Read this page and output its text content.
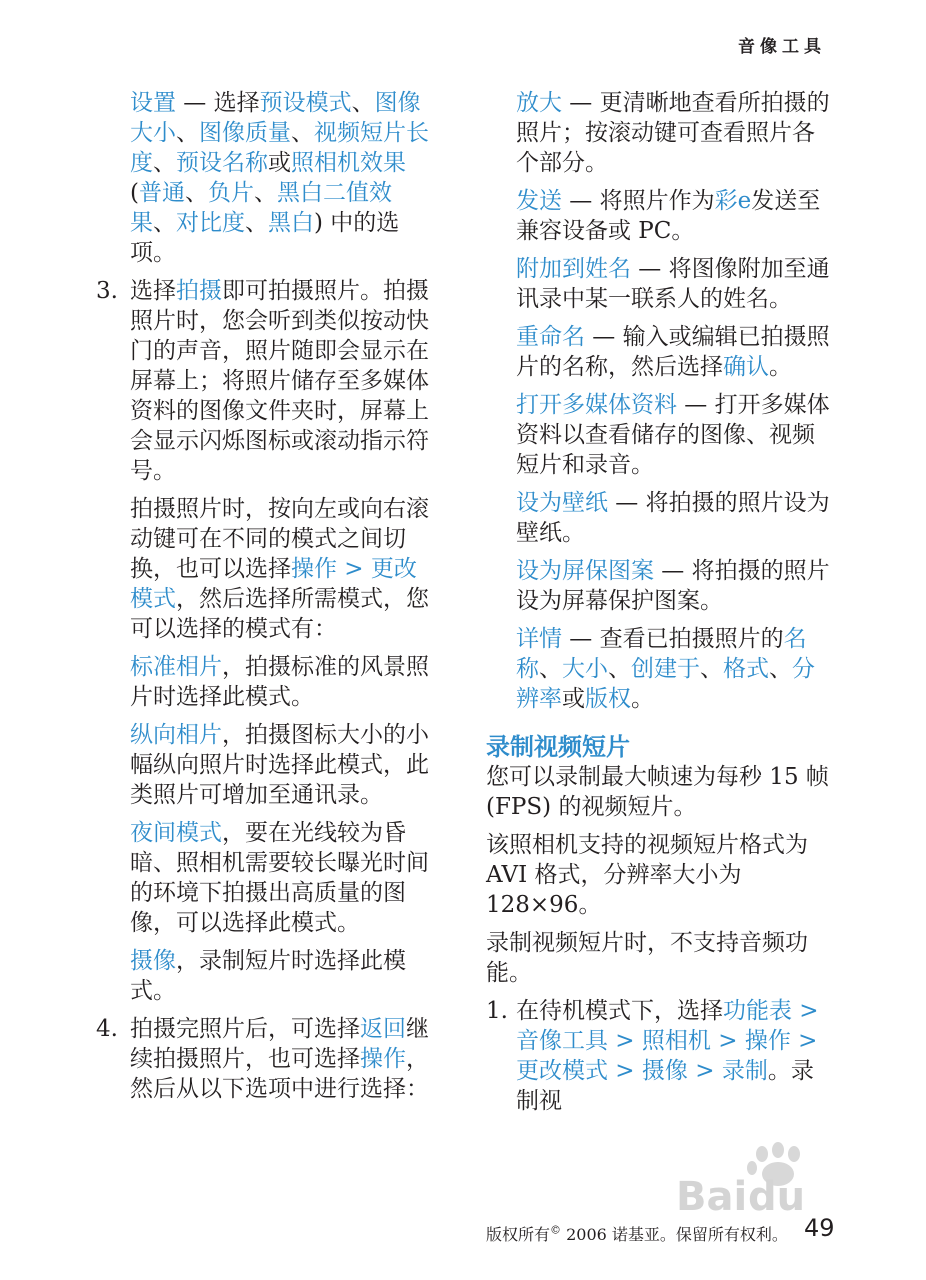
音像工具

设置 — 选择预设模式、图像大小、图像质量、视频短片长度、预设名称或照相机效果 (普通、负片、黑白二值效果、对比度、黑白) 中的选项。

3. 选择拍摄即可拍摄照片。拍摄照片时，您会听到类似按动快门的声音，照片随即会显示在屏幕上；将照片储存至多媒体资料的图像文件夹时，屏幕上会显示闪烁图标或滚动指示符号。

拍摄照片时，按向左或向右滚动键可在不同的模式之间切换，也可以选择操作 > 更改模式，然后选择所需模式，您可以选择的模式有：

标准相片，拍摄标准的风景照片时选择此模式。

纵向相片，拍摄图标大小的小幅纵向照片时选择此模式，此类照片可增加至通讯录。

夜间模式，要在光线较为昏暗、照相机需要较长曝光时间的环境下拍摄出高质量的图像，可以选择此模式。

摄像，录制短片时选择此模式。

4. 拍摄完照片后，可选择返回继续拍摄照片，也可选择操作，然后从以下选项中进行选择：

放大 — 更清晰地查看所拍摄的照片；按滚动键可查看照片各个部分。

发送 — 将照片作为彩e发送至兼容设备或 PC。

附加到姓名 — 将图像附加至通讯录中某一联系人的姓名。

重命名 — 输入或编辑已拍摄照片的名称，然后选择确认。

打开多媒体资料 — 打开多媒体资料以查看储存的图像、视频短片和录音。

设为壁纸 — 将拍摄的照片设为壁纸。

设为屏保图案 — 将拍摄的照片设为屏幕保护图案。

详情 — 查看已拍摄照片的名称、大小、创建于、格式、分辨率或版权。

录制视频短片

您可以录制最大帧速为每秒 15 帧 (FPS) 的视频短片。

该照相机支持的视频短片格式为 AVI 格式，分辨率大小为 128×96。

录制视频短片时，不支持音频功能。

1. 在待机模式下，选择功能表 > 音像工具 > 照相机 > 操作 > 更改模式 > 摄像 > 录制。录制视

Bai du
版权所有© 2006 诺基亚。保留所有权利。 49
